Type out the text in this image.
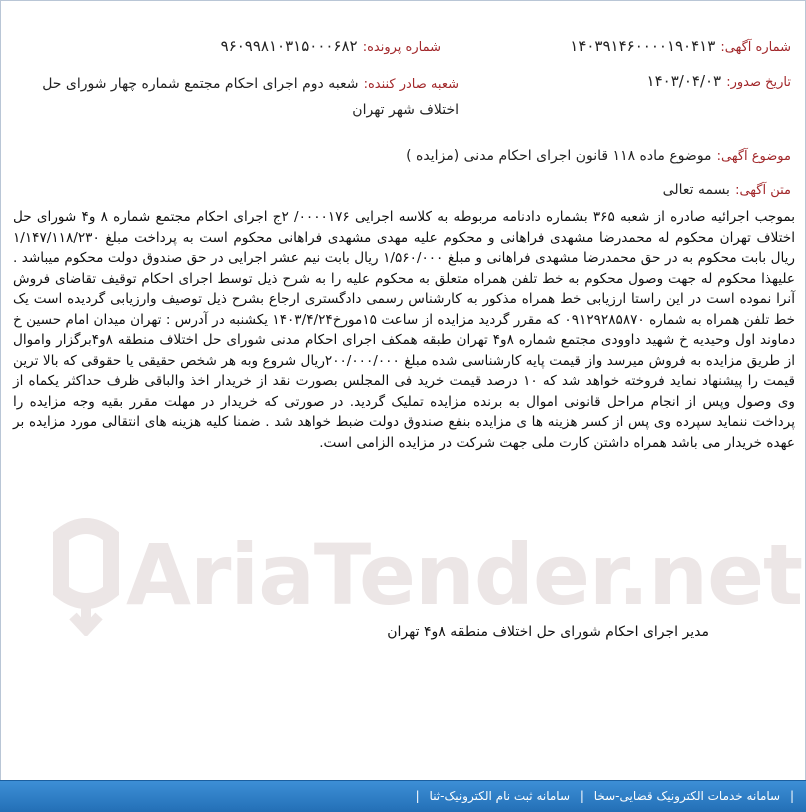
AriaTender.net
شماره آگهی: ۱۴۰۳۹۱۴۶۰۰۰۰۱۹۰۴۱۳
شماره پرونده: ۹۶۰۹۹۸۱۰۳۱۵۰۰۰۶۸۲
تاریخ صدور: ۱۴۰۳/۰۴/۰۳
شعبه صادر کننده: شعبه دوم اجرای احکام مجتمع شماره چهار شورای حل اختلاف شهر تهران
موضوع آگهی: موضوع ماده ۱۱۸ قانون اجرای احکام مدنی (مزایده )
متن آگهی: بسمه تعالی
بموجب اجرائیه صادره از شعبه ۳۶۵ بشماره دادنامه مربوطه به کلاسه اجرایی ۰۰۰۰۱۷۶/ ۲ج اجرای احکام مجتمع شماره ۸ و۴ شورای حل اختلاف تهران محکوم له محمدرضا مشهدی فراهانی و محکوم علیه مهدی مشهدی فراهانی محکوم است به پرداخت مبلغ ۱/۱۴۷/۱۱۸/۲۳۰ ریال بابت محکوم به در حق محمدرضا مشهدی فراهانی و مبلغ ۱/۵۶۰/۰۰۰ ریال بابت نیم عشر اجرایی در حق صندوق دولت محکوم میباشد . علیهذا محکوم له جهت وصول محکوم به خط تلفن همراه متعلق به محکوم علیه را به شرح ذیل توسط اجرای احکام توقیف تقاضای فروش آنرا نموده است در این راستا ارزیابی خط همراه مذکور به کارشناس رسمی دادگستری ارجاع بشرح ذیل توصیف وارزیابی گردیده است یک خط تلفن همراه به شماره ۰۹۱۲۹۲۸۵۸۷۰ که مقرر گردید مزایده از ساعت ۱۵مورخ۱۴۰۳/۴/۲۴ یکشنبه در آدرس : تهران میدان امام حسین خ دماوند اول وحیدیه خ شهید داوودی مجتمع شماره ۸و۴ تهران طبقه همکف اجرای احکام مدنی شورای حل اختلاف منطقه ۸و۴برگزار واموال از طریق مزایده به فروش میرسد واز قیمت پایه کارشناسی شده مبلغ ۲۰۰/۰۰۰/۰۰۰ریال شروع وبه هر شخص حقیقی یا حقوقی که بالا ترین قیمت را پیشنهاد نماید فروخته خواهد شد که ۱۰ درصد قیمت خرید فی المجلس بصورت نقد از خریدار اخذ والباقی ظرف حداکثر یکماه از وی وصول وپس از انجام مراحل قانونی اموال به برنده مزایده تملیک گردید. در صورتی که خریدار در مهلت مقرر بقیه وجه مزایده را پرداخت ننماید سپرده وی پس از کسر هزینه ها ی مزایده بنفع صندوق دولت ضبط خواهد شد . ضمنا کلیه هزینه های انتقالی مورد مزایده بر عهده خریدار می باشد همراه داشتن کارت ملی جهت شرکت در مزایده الزامی است.
مدیر اجرای احکام شورای حل اختلاف منطقه ۸و۴ تهران
| سامانه خدمات الکترونیک قضایی-سخا | سامانه ثبت نام الکترونیک-ثنا |
